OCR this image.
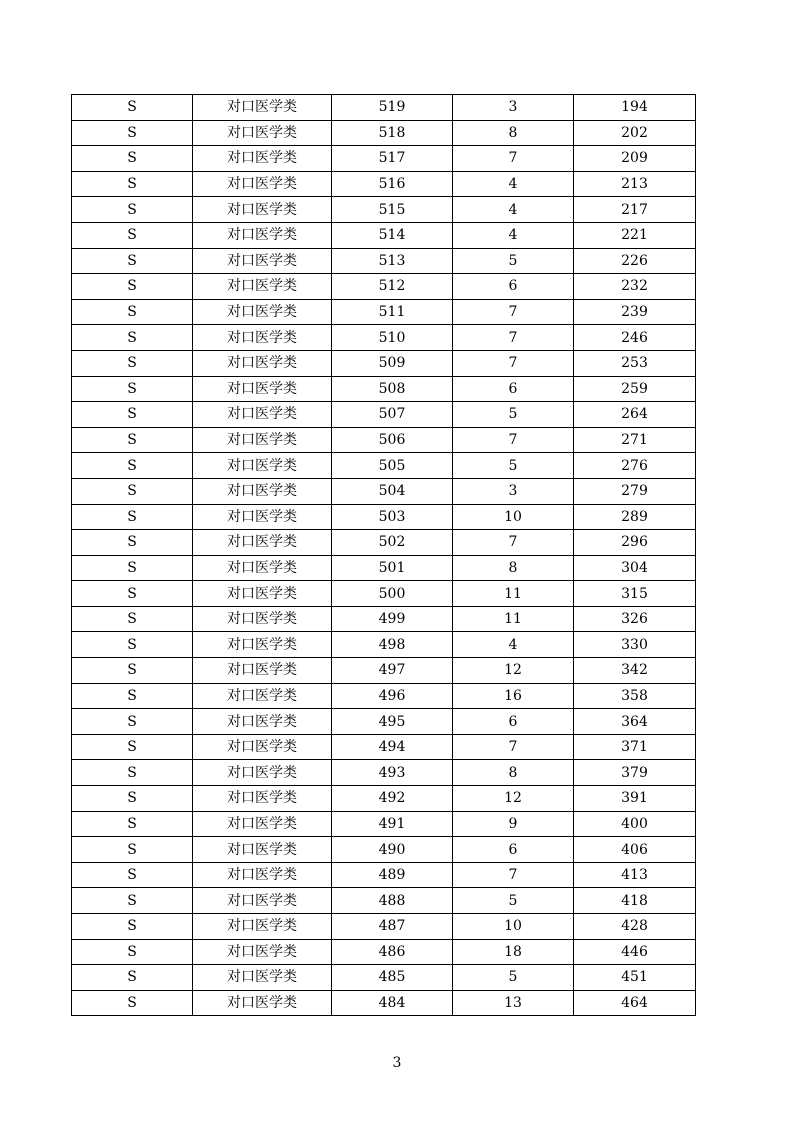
S	对口医学类	519	3	194
S	对口医学类	518	8	202
S	对口医学类	517	7	209
S	对口医学类	516	4	213
S	对口医学类	515	4	217
S	对口医学类	514	4	221
S	对口医学类	513	5	226
S	对口医学类	512	6	232
S	对口医学类	511	7	239
S	对口医学类	510	7	246
S	对口医学类	509	7	253
S	对口医学类	508	6	259
S	对口医学类	507	5	264
S	对口医学类	506	7	271
S	对口医学类	505	5	276
S	对口医学类	504	3	279
S	对口医学类	503	10	289
S	对口医学类	502	7	296
S	对口医学类	501	8	304
S	对口医学类	500	11	315
S	对口医学类	499	11	326
S	对口医学类	498	4	330
S	对口医学类	497	12	342
S	对口医学类	496	16	358
S	对口医学类	495	6	364
S	对口医学类	494	7	371
S	对口医学类	493	8	379
S	对口医学类	492	12	391
S	对口医学类	491	9	400
S	对口医学类	490	6	406
S	对口医学类	489	7	413
S	对口医学类	488	5	418
S	对口医学类	487	10	428
S	对口医学类	486	18	446
S	对口医学类	485	5	451
S	对口医学类	484	13	464
3
